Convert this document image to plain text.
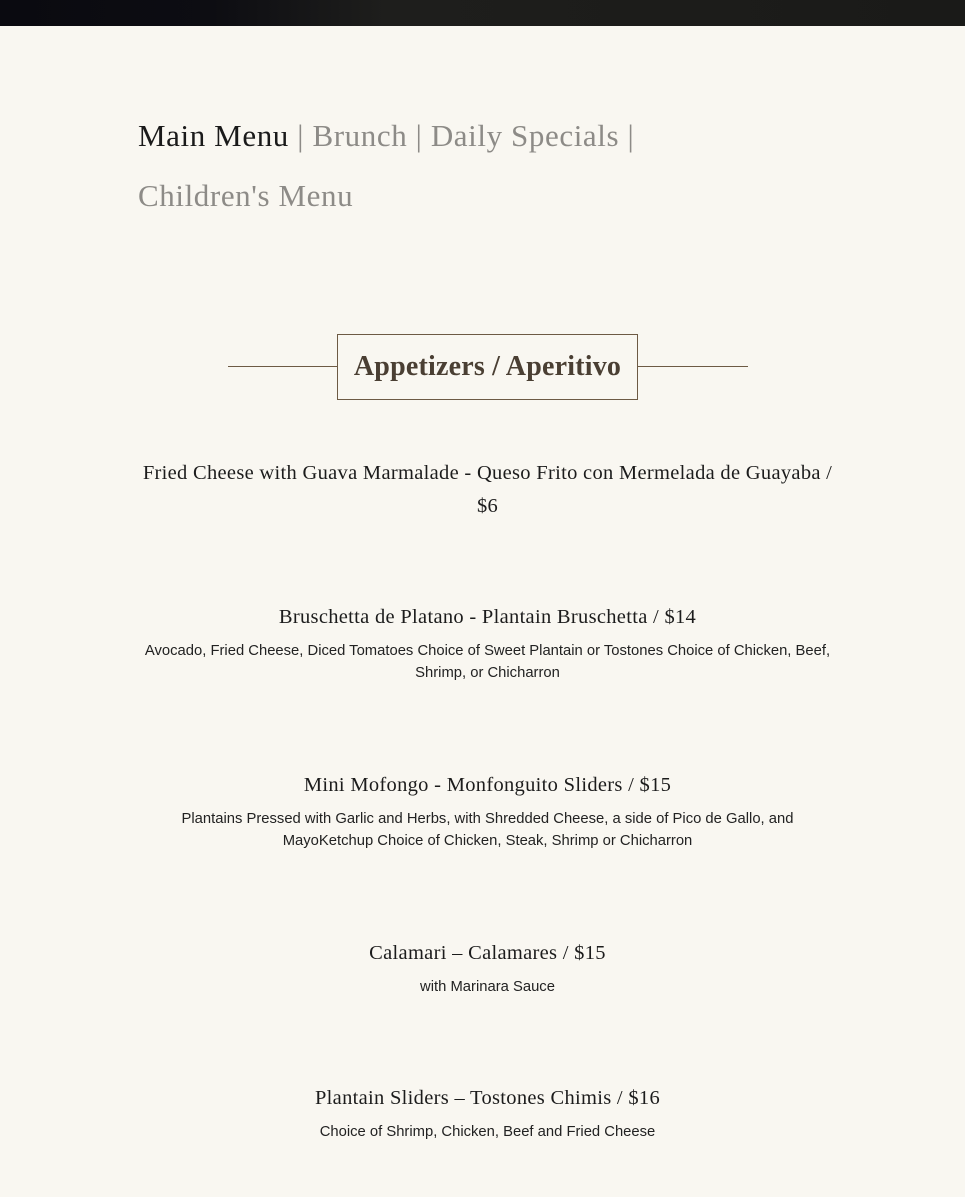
Main Menu | Brunch | Daily Specials | Children's Menu
Appetizers / Aperitivo
Fried Cheese with Guava Marmalade - Queso Frito con Mermelada de Guayaba / $6
Bruschetta de Platano - Plantain Bruschetta / $14
Avocado, Fried Cheese, Diced Tomatoes Choice of Sweet Plantain or Tostones Choice of Chicken, Beef, Shrimp, or Chicharron
Mini Mofongo - Monfonguito Sliders / $15
Plantains Pressed with Garlic and Herbs, with Shredded Cheese, a side of Pico de Gallo, and MayoKetchup Choice of Chicken, Steak, Shrimp or Chicharron
Calamari – Calamares / $15
with Marinara Sauce
Plantain Sliders – Tostones Chimis / $16
Choice of Shrimp, Chicken, Beef and Fried Cheese
